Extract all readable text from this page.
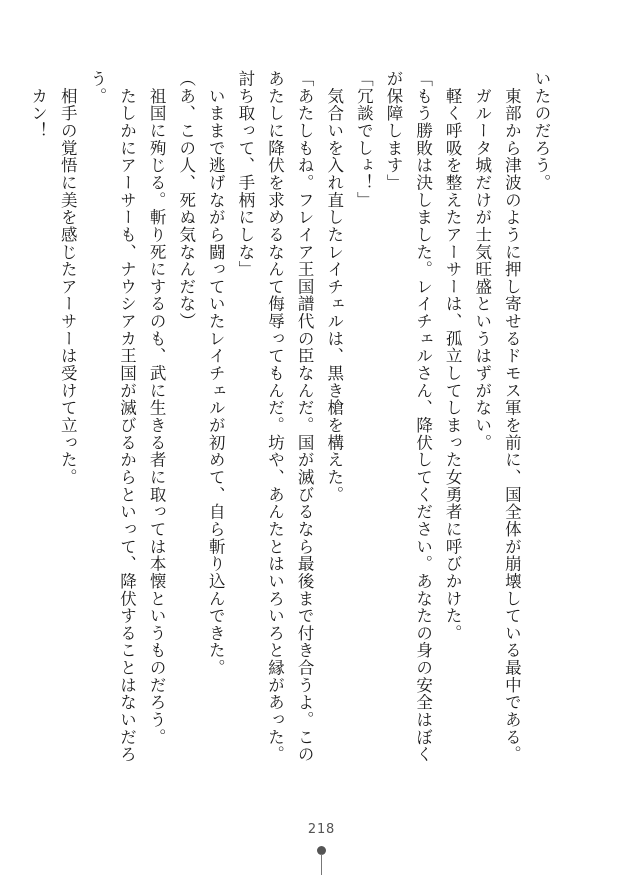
いたのだろう。
　東部から津波のように押し寄せるドモス軍を前に、国全体が崩壊している最中である。
　ガルータ城だけが士気旺盛というはずがない。
　軽く呼吸を整えたアーサーは、孤立してしまった女勇者に呼びかけた。
「もう勝敗は決しました。レイチェルさん、降伏してください。あなたの身の安全はぼく
が保障します」
「冗談でしょ！」
　気合いを入れ直したレイチェルは、黒き槍を構えた。
「あたしもね。フレイア王国譜代の臣なんだ。国が滅びるなら最後まで付き合うよ。この
あたしに降伏を求めるなんて侮辱ってもんだ。坊や、あんたとはいろいろと縁があった。
討ち取って、手柄にしな」
　いままで逃げながら闘っていたレイチェルが初めて、自ら斬り込んできた。
（あ、この人、死ぬ気なんだな）
　祖国に殉じる。斬り死にするのも、武に生きる者に取っては本懐というものだろう。
　たしかにアーサーも、ナウシアカ王国が滅びるからといって、降伏することはないだろ
う。
　相手の覚悟に美を感じたアーサーは受けて立った。
　カン！
218
